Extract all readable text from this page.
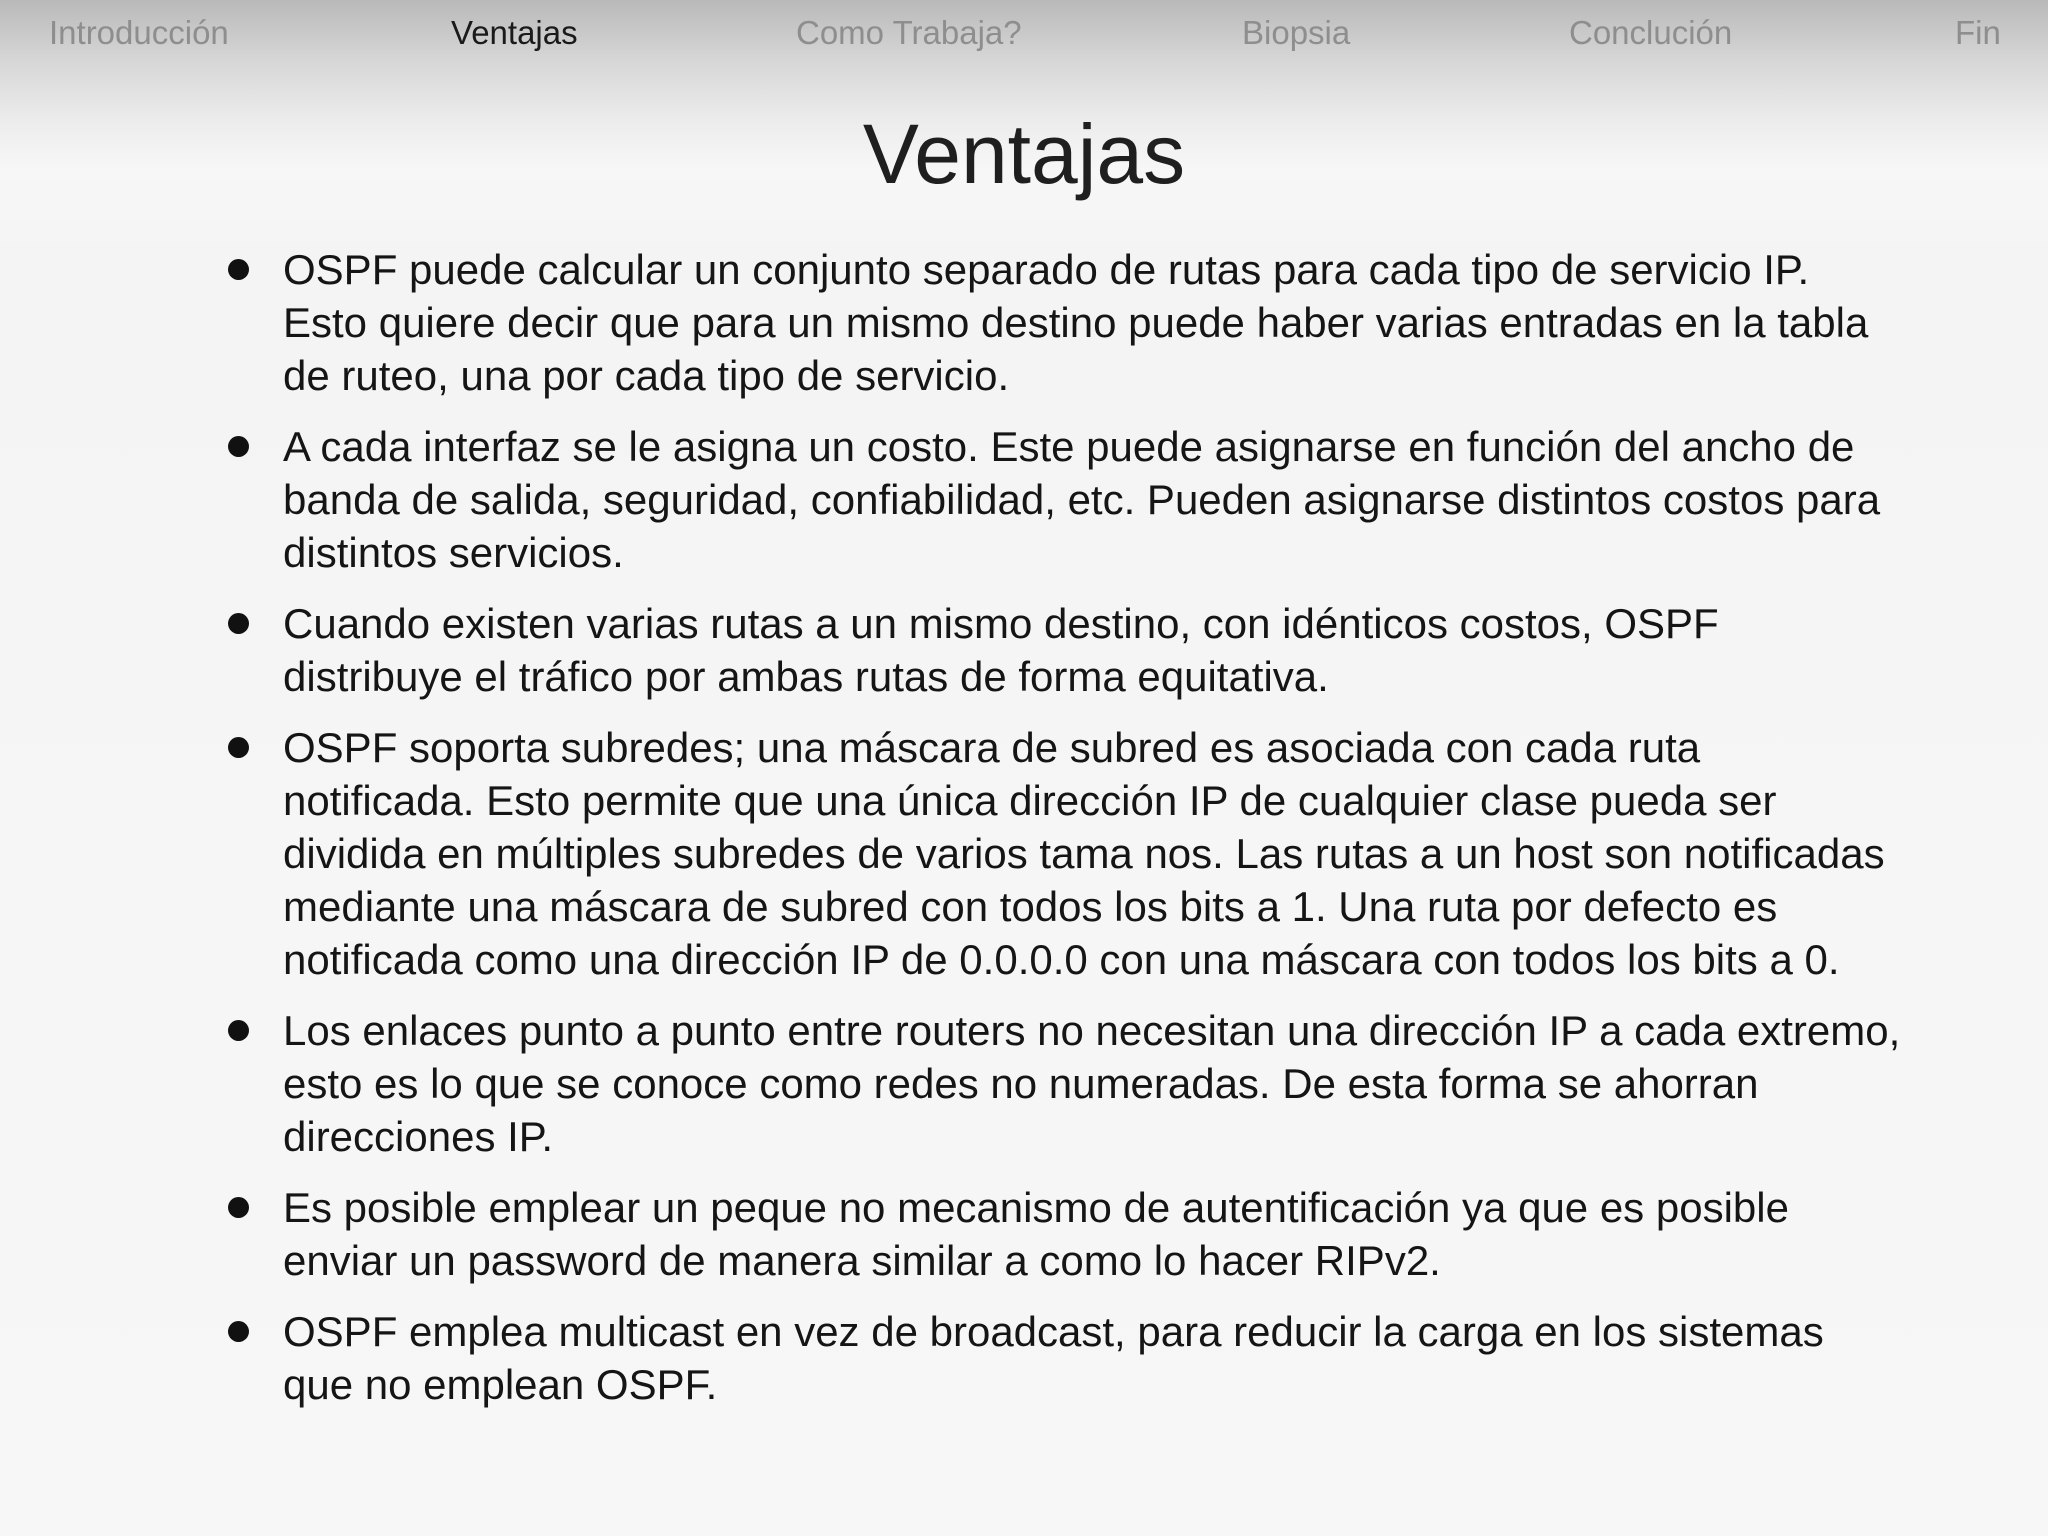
Introducción	Ventajas	Como Trabaja?	Biopsia	Conclución	Fin
Ventajas
OSPF puede calcular un conjunto separado de rutas para cada tipo de servicio IP. Esto quiere decir que para un mismo destino puede haber varias entradas en la tabla de ruteo, una por cada tipo de servicio.
A cada interfaz se le asigna un costo. Este puede asignarse en función del ancho de banda de salida, seguridad, confiabilidad, etc. Pueden asignarse distintos costos para distintos servicios.
Cuando existen varias rutas a un mismo destino, con idénticos costos, OSPF distribuye el tráfico por ambas rutas de forma equitativa.
OSPF soporta subredes; una máscara de subred es asociada con cada ruta notificada. Esto permite que una única dirección IP de cualquier clase pueda ser dividida en múltiples subredes de varios tama nos. Las rutas a un host son notificadas mediante una máscara de subred con todos los bits a 1. Una ruta por defecto es notificada como una dirección IP de 0.0.0.0 con una máscara con todos los bits a 0.
Los enlaces punto a punto entre routers no necesitan una dirección IP a cada extremo, esto es lo que se conoce como redes no numeradas. De esta forma se ahorran direcciones IP.
Es posible emplear un peque no mecanismo de autentificación ya que es posible enviar un password de manera similar a como lo hacer RIPv2.
OSPF emplea multicast en vez de broadcast, para reducir la carga en los sistemas que no emplean OSPF.
